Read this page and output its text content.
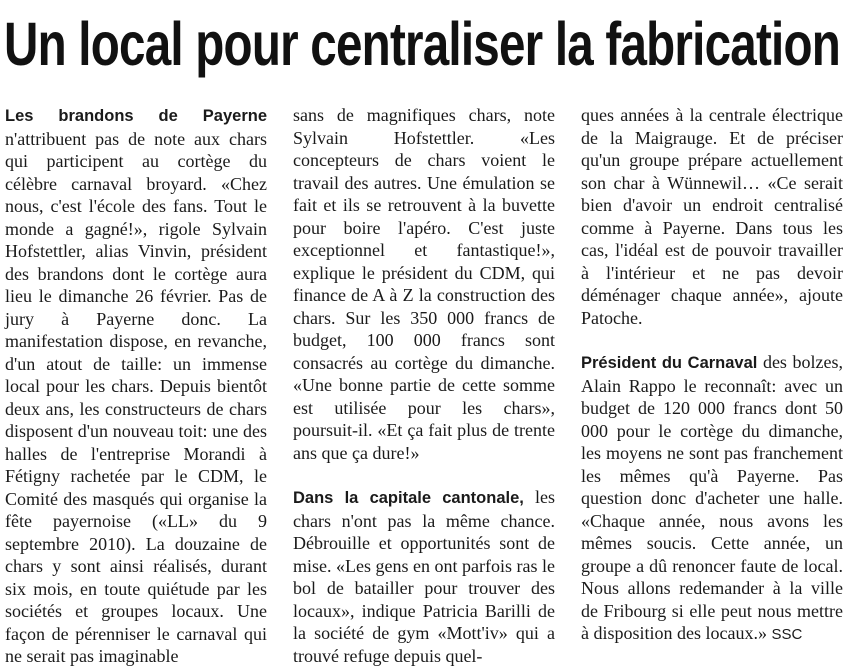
Un local pour centraliser la fabrication

Les brandons de Payerne n'attribuent pas de note aux chars qui participent au cortège du célèbre carnaval broyard. «Chez nous, c'est l'école des fans. Tout le monde a gagné!», rigole Sylvain Hofstettler, alias Vinvin, président des brandons dont le cortège aura lieu le dimanche 26 février. Pas de jury à Payerne donc. La manifestation dispose, en revanche, d'un atout de taille: un immense local pour les chars. Depuis bientôt deux ans, les constructeurs de chars disposent d'un nouveau toit: une des halles de l'entreprise Morandi à Fétigny rachetée par le CDM, le Comité des masqués qui organise la fête payernoise («LL» du 9 septembre 2010). La douzaine de chars y sont ainsi réalisés, durant six mois, en toute quiétude par les sociétés et groupes locaux. Une façon de pérenniser le carnaval qui ne serait pas imaginable

sans de magnifiques chars, note Sylvain Hofstettler. «Les concepteurs de chars voient le travail des autres. Une émulation se fait et ils se retrouvent à la buvette pour boire l'apéro. C'est juste exceptionnel et fantastique!», explique le président du CDM, qui finance de A à Z la construction des chars. Sur les 350 000 francs de budget, 100 000 francs sont consacrés au cortège du dimanche. «Une bonne partie de cette somme est utilisée pour les chars», poursuit-il. «Et ça fait plus de trente ans que ça dure!»

Dans la capitale cantonale, les chars n'ont pas la même chance. Débrouille et opportunités sont de mise. «Les gens en ont parfois ras le bol de batailler pour trouver des locaux», indique Patricia Barilli de la société de gym «Mott'iv» qui a trouvé refuge depuis quel-

ques années à la centrale électrique de la Maigrauge. Et de préciser qu'un groupe prépare actuellement son char à Wünnewil… «Ce serait bien d'avoir un endroit centralisé comme à Payerne. Dans tous les cas, l'idéal est de pouvoir travailler à l'intérieur et ne pas devoir déménager chaque année», ajoute Patoche.

Président du Carnaval des bolzes, Alain Rappo le reconnaît: avec un budget de 120 000 francs dont 50 000 pour le cortège du dimanche, les moyens ne sont pas franchement les mêmes qu'à Payerne. Pas question donc d'acheter une halle. «Chaque année, nous avons les mêmes soucis. Cette année, un groupe a dû renoncer faute de local. Nous allons redemander à la ville de Fribourg si elle peut nous mettre à disposition des locaux.» SSC
